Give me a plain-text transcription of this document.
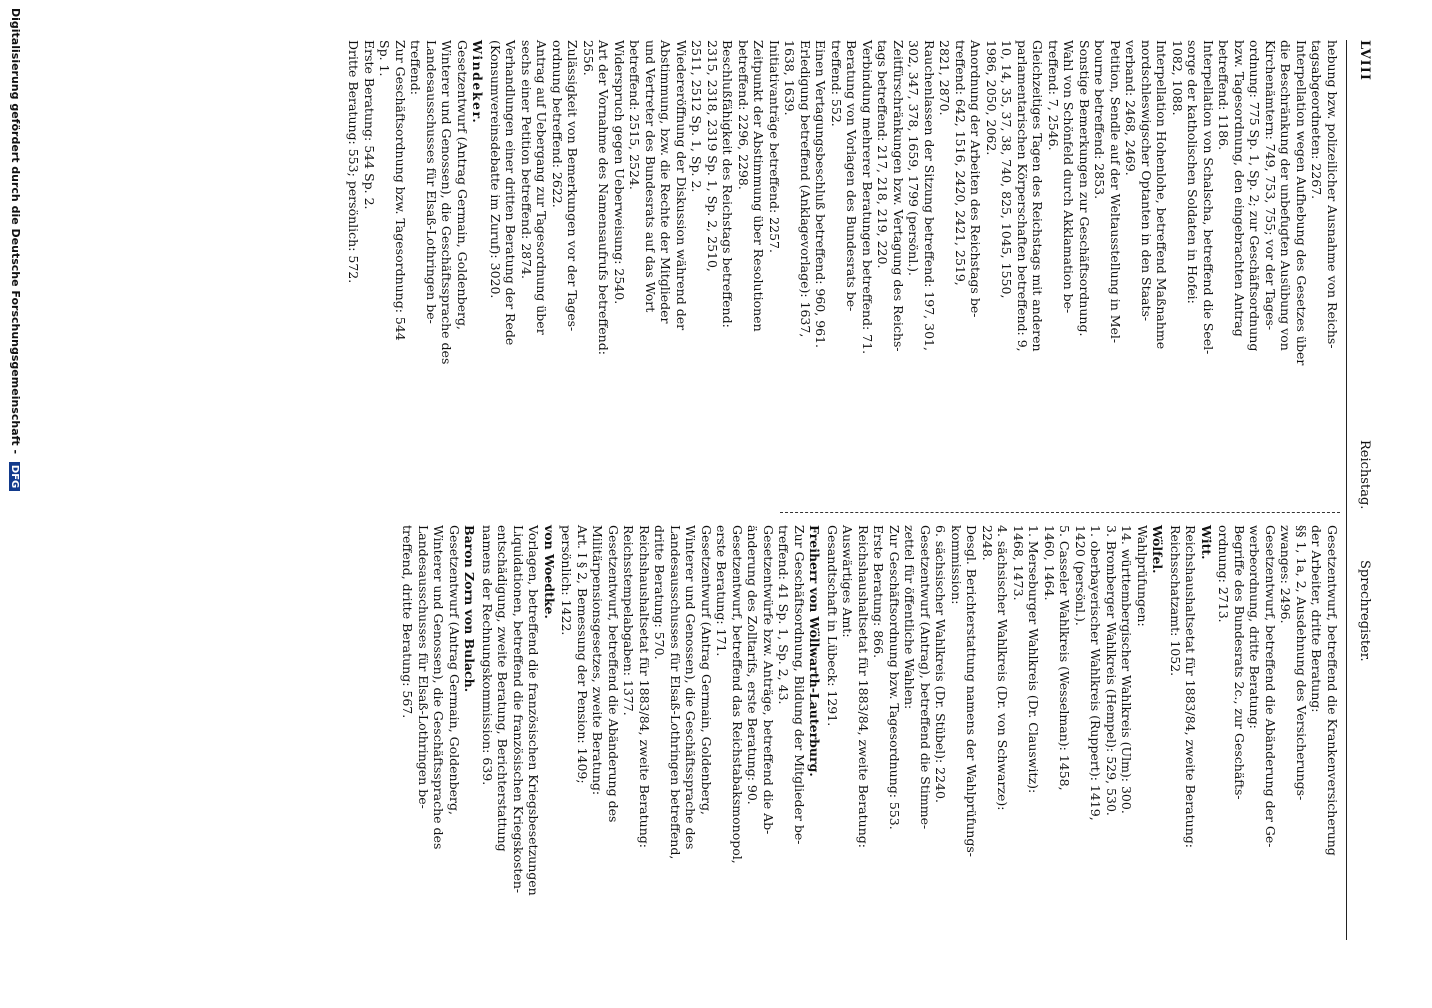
LVIII
Reichstag.
Sprechregister.

hebung bzw. polizeilicher Ausnahme von Reichs-

tagsabgeordneten: 2267.

Interpellation wegen Aufhebung des Gesetzes über

die Beschränkung der unbefugten Ausübung von

Kirchenämtern: 749, 753, 755; vor der Tages-

ordnung: 775 Sp. 1, Sp. 2; zur Geschäftsordnung

bzw. Tagesordnung, den eingebrachten Antrag

betreffend: 1186.

Interpellation von Schalscha, betreffend die Seel-

sorge der katholischen Soldaten in Hofei:

1082, 1088.

Interpellation Hohenlohe, betreffend Maßnahme

nordschleswigscher Optanten in den Staats-

verband: 2468, 2469.

Petition, Sendle auf der Weltausstellung in Mel-

bourne betreffend: 2853.

Sonstige Bemerkungen zur Geschäftsordnung.

Wahl von Schönfeld durch Akklamation be-

treffend: 7, 2546.

Gleichzeitiges Tagen des Reichstags mit anderen

parlamentarischen Körperschaften betreffend: 9,

10, 14, 35, 37, 38, 740, 825, 1045, 1550,

1986, 2050, 2062.

Anordnung der Arbeiten des Reichstags be-

treffend: 642, 1516, 2420, 2421, 2519,

2821, 2870.

Rauchenlassen der Sitzung betreffend: 197, 301,

302, 347, 378, 1659, 1799 (persönl.).

Zeitfürschränkungen bzw. Vertagung des Reichs-

tags betreffend: 217, 218, 219, 220.

Verbindung mehrerer Beratungen betreffend: 71.

Beratung von Vorlagen des Bundesrats be-

treffend: 552.

Einen Vertagungsbeschluß betreffend: 960, 961.

Erledigung betreffend (Anklagevorlage): 1637,

1638, 1639.

Initiativanträge betreffend: 2257.

Zeitpunkt der Abstimmung über Resolutionen

betreffend: 2296, 2298.

Beschlußfähigkeit des Reichstags betreffend:

2315, 2318, 2319 Sp. 1, Sp. 2, 2510,

2511, 2512 Sp. 1, Sp. 2.

Wiedereröffnung der Diskussion während der

Abstimmung, bzw. die Rechte der Mitglieder

und Vertreter des Bundesrats auf das Wort

betreffend: 2515, 2524.

Widerspruch gegen Ueberweisung: 2540.

Art der Vornahme des Namensaufrufs betreffend:

2556.

Zulässigkeit von Bemerkungen vor der Tages-

ordnung betreffend: 2622.

Antrag auf Uebergang zur Tagesordnung über

sechs einer Petition betreffend: 2874.

Verhandlungen einer dritten Beratung der Rede

(Konsumvereinsdebatte im Zuruf): 3020.

Windeker.

Gesetzentwurf (Antrag Germain, Goldenberg,

Winterer und Genossen), die Geschäftssprache des

Landesausschusses für Elsaß-Lothringen be-

treffend:

Zur Geschäftsordnung bzw. Tagesordnung: 544

Sp. 1.

Erste Beratung: 544 Sp. 2.

Dritte Beratung: 553; persönlich: 572.

Gesetzentwurf, betreffend die Krankenversicherung

der Arbeiter, dritte Beratung:

§§ 1, 1a, 2, Ausdehnung des Versicherungs-

zwanges: 2496.

Gesetzentwurf, betreffend die Abänderung der Ge-

werbeordnung, dritte Beratung:

Begriffe des Bundesrats 2c., zur Geschäfts-

ordnung: 2713.

Witt.

Reichshaushaltsetat für 1883/84, zweite Beratung:

Reichsschatzamt: 1052.

Wölfel.

Wahlprüfungen:

14. württembergischer Wahlkreis (Ulm): 300.

3. Bromberger Wahlkreis (Hempel): 529, 530.

1. oberbayerischer Wahlkreis (Ruppert): 1419,

1420 (persönl.).

5. Casseler Wahlkreis (Wesselman): 1458,

1460, 1464.

1. Merseburger Wahlkreis (Dr. Clauswitz):

1468, 1473.

4. sächsischer Wahlkreis (Dr. von Schwarze):

2248.

Desgl. Berichterstattung namens der Wahlprüfungs-

kommission:

6. sächsischer Wahlkreis (Dr. Stübel): 2240.

Gesetzentwurf (Antrag), betreffend die Stimme-

zettel für öffentliche Wahlen:

Zur Geschäftsordnung bzw. Tagesordnung: 553.

Erste Beratung: 866.

Reichshaushaltsetat für 1883/84, zweite Beratung:

Auswärtiges Amt:

Gesandtschaft in Lübeck: 1291.

Freiherr von Wöllwarth-Lauterburg.

Zur Geschäftsordnung, Bildung der Mitglieder be-

treffend: 41 Sp. 1, Sp. 2, 43.

Gesetzentwürfe bzw. Anträge, betreffend die Ab-

änderung des Zolltarifs, erste Beratung: 90.

Gesetzentwurf, betreffend das Reichstabaksmonopol,

erste Beratung: 171.

Gesetzentwurf (Antrag Germain, Goldenberg,

Winterer und Genossen), die Geschäftssprache des

Landesausschusses für Elsaß-Lothringen betreffend,

dritte Beratung: 570.

Reichshaushaltsetat für 1883/84, zweite Beratung:

Reichsstempelabgaben: 1377.

Gesetzentwurf, betreffend die Abänderung des

Militärpensionsgesetzes, zweite Beratung:

Art. I § 2, Bemessung der Pension: 1409;

persönlich: 1422.

von Woedtke.

Vorlagen, betreffend die französischen Kriegsbesetzungen

Liquidationen, betreffend die französischen Kriegskosten-

entschädigung, zweite Beratung, Berichterstattung

namens der Rechnungskommission: 639.

Baron Zorn von Bulach.

Gesetzentwurf (Antrag Germain, Goldenberg,

Winterer und Genossen), die Geschäftssprache des

Landesausschusses für Elsaß-Lothringen be-

treffend, dritte Beratung: 567.

Digitalisierung gefördert durch die Deutsche Forschungsgemeinschaft - DFG
